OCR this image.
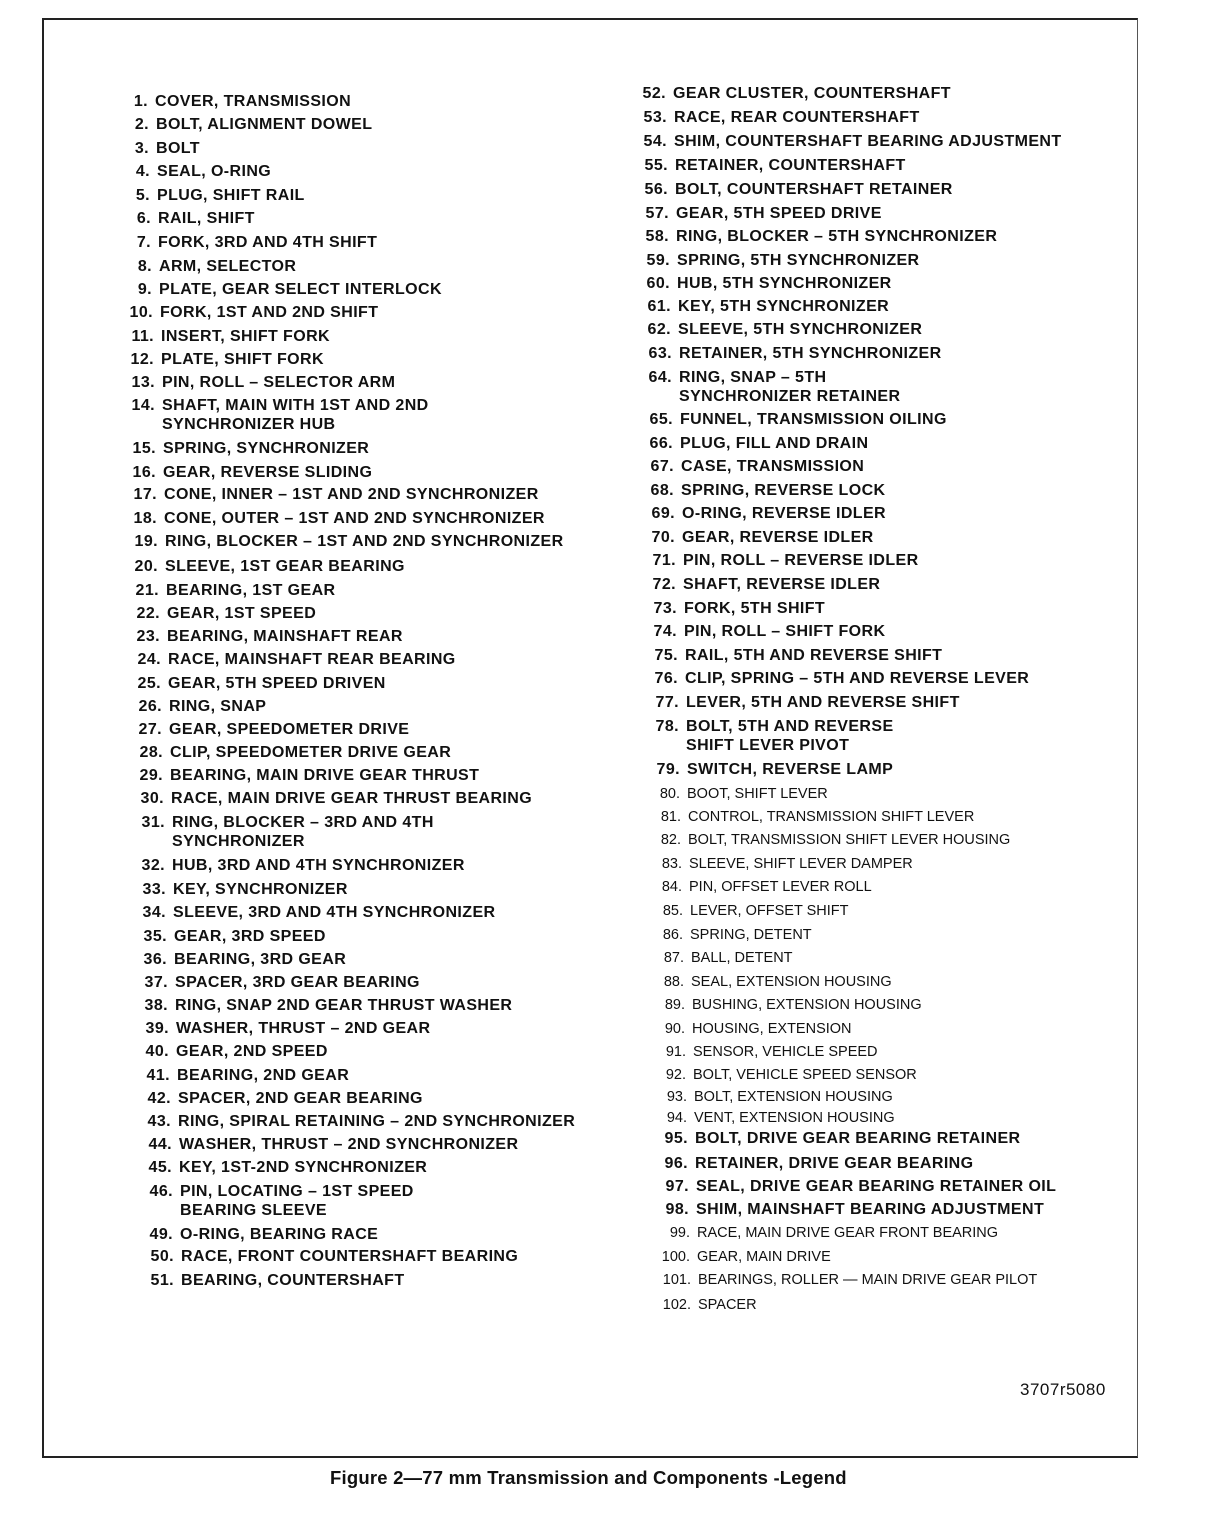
1. COVER, TRANSMISSION
2. BOLT, ALIGNMENT DOWEL
3. BOLT
4. SEAL, O-RING
5. PLUG, SHIFT RAIL
6. RAIL, SHIFT
7. FORK, 3RD AND 4TH SHIFT
8. ARM, SELECTOR
9. PLATE, GEAR SELECT INTERLOCK
10. FORK, 1ST AND 2ND SHIFT
11. INSERT, SHIFT FORK
12. PLATE, SHIFT FORK
13. PIN, ROLL – SELECTOR ARM
14. SHAFT, MAIN WITH 1ST AND 2ND
SYNCHRONIZER HUB
15. SPRING, SYNCHRONIZER
16. GEAR, REVERSE SLIDING
17. CONE, INNER – 1ST AND 2ND SYNCHRONIZER
18. CONE, OUTER – 1ST AND 2ND SYNCHRONIZER
19. RING, BLOCKER – 1ST AND 2ND SYNCHRONIZER
20. SLEEVE, 1ST GEAR BEARING
21. BEARING, 1ST GEAR
22. GEAR, 1ST SPEED
23. BEARING, MAINSHAFT REAR
24. RACE, MAINSHAFT REAR BEARING
25. GEAR, 5TH SPEED DRIVEN
26. RING, SNAP
27. GEAR, SPEEDOMETER DRIVE
28. CLIP, SPEEDOMETER DRIVE GEAR
29. BEARING, MAIN DRIVE GEAR THRUST
30. RACE, MAIN DRIVE GEAR THRUST BEARING
31. RING, BLOCKER – 3RD AND 4TH
SYNCHRONIZER
32. HUB, 3RD AND 4TH SYNCHRONIZER
33. KEY, SYNCHRONIZER
34. SLEEVE, 3RD AND 4TH SYNCHRONIZER
35. GEAR, 3RD SPEED
36. BEARING, 3RD GEAR
37. SPACER, 3RD GEAR BEARING
38. RING, SNAP 2ND GEAR THRUST WASHER
39. WASHER, THRUST – 2ND GEAR
40. GEAR, 2ND SPEED
41. BEARING, 2ND GEAR
42. SPACER, 2ND GEAR BEARING
43. RING, SPIRAL RETAINING – 2ND SYNCHRONIZER
44. WASHER, THRUST – 2ND SYNCHRONIZER
45. KEY, 1ST-2ND SYNCHRONIZER
46. PIN, LOCATING – 1ST SPEED
BEARING SLEEVE
49. O-RING, BEARING RACE
50. RACE, FRONT COUNTERSHAFT BEARING
51. BEARING, COUNTERSHAFT
52. GEAR CLUSTER, COUNTERSHAFT
53. RACE, REAR COUNTERSHAFT
54. SHIM, COUNTERSHAFT BEARING ADJUSTMENT
55. RETAINER, COUNTERSHAFT
56. BOLT, COUNTERSHAFT RETAINER
57. GEAR, 5TH SPEED DRIVE
58. RING, BLOCKER – 5TH SYNCHRONIZER
59. SPRING, 5TH SYNCHRONIZER
60. HUB, 5TH SYNCHRONIZER
61. KEY, 5TH SYNCHRONIZER
62. SLEEVE, 5TH SYNCHRONIZER
63. RETAINER, 5TH SYNCHRONIZER
64. RING, SNAP – 5TH
SYNCHRONIZER RETAINER
65. FUNNEL, TRANSMISSION OILING
66. PLUG, FILL AND DRAIN
67. CASE, TRANSMISSION
68. SPRING, REVERSE LOCK
69. O-RING, REVERSE IDLER
70. GEAR, REVERSE IDLER
71. PIN, ROLL – REVERSE IDLER
72. SHAFT, REVERSE IDLER
73. FORK, 5TH SHIFT
74. PIN, ROLL – SHIFT FORK
75. RAIL, 5TH AND REVERSE SHIFT
76. CLIP, SPRING – 5TH AND REVERSE LEVER
77. LEVER, 5TH AND REVERSE SHIFT
78. BOLT, 5TH AND REVERSE
SHIFT LEVER PIVOT
79. SWITCH, REVERSE LAMP
80. BOOT, SHIFT LEVER
81. CONTROL, TRANSMISSION SHIFT LEVER
82. BOLT, TRANSMISSION SHIFT LEVER HOUSING
83. SLEEVE, SHIFT LEVER DAMPER
84. PIN, OFFSET LEVER ROLL
85. LEVER, OFFSET SHIFT
86. SPRING, DETENT
87. BALL, DETENT
88. SEAL, EXTENSION HOUSING
89. BUSHING, EXTENSION HOUSING
90. HOUSING, EXTENSION
91. SENSOR, VEHICLE SPEED
92. BOLT, VEHICLE SPEED SENSOR
93. BOLT, EXTENSION HOUSING
94. VENT, EXTENSION HOUSING
95. BOLT, DRIVE GEAR BEARING RETAINER
96. RETAINER, DRIVE GEAR BEARING
97. SEAL, DRIVE GEAR BEARING RETAINER OIL
98. SHIM, MAINSHAFT BEARING ADJUSTMENT
99. RACE, MAIN DRIVE GEAR FRONT BEARING
100. GEAR, MAIN DRIVE
101. BEARINGS, ROLLER — MAIN DRIVE GEAR PILOT
102. SPACER
3707r5080
Figure 2—77 mm Transmission and Components -Legend
